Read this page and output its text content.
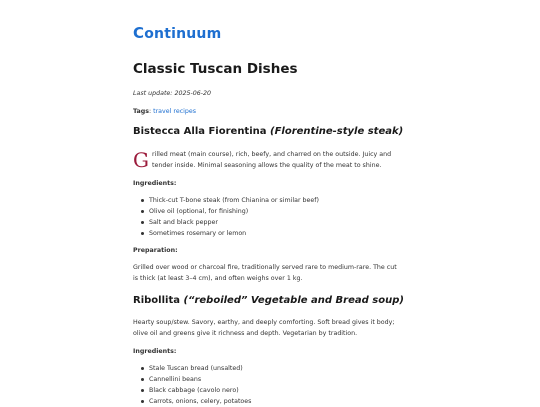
Continuum
Classic Tuscan Dishes
Last update: 2025-06-20
Tags: travel recipes
Bistecca Alla Fiorentina (Florentine-style steak)

Grilled meat (main course), rich, beefy, and charred on the outside. Juicy and tender inside. Minimal seasoning allows the quality of the meat to shine.

Ingredients:
Thick-cut T-bone steak (from Chianina or similar beef)
Olive oil (optional, for finishing)
Salt and black pepper
Sometimes rosemary or lemon
Preparation:

Grilled over wood or charcoal fire, traditionally served rare to medium-rare. The cut is thick (at least 3–4 cm), and often weighs over 1 kg.

Ribollita (“reboiled” Vegetable and Bread soup)

Hearty soup/stew. Savory, earthy, and deeply comforting. Soft bread gives it body; olive oil and greens give it richness and depth. Vegetarian by tradition.

Ingredients:
Stale Tuscan bread (unsalted)
Cannellini beans
Black cabbage (cavolo nero)
Carrots, onions, celery, potatoes
